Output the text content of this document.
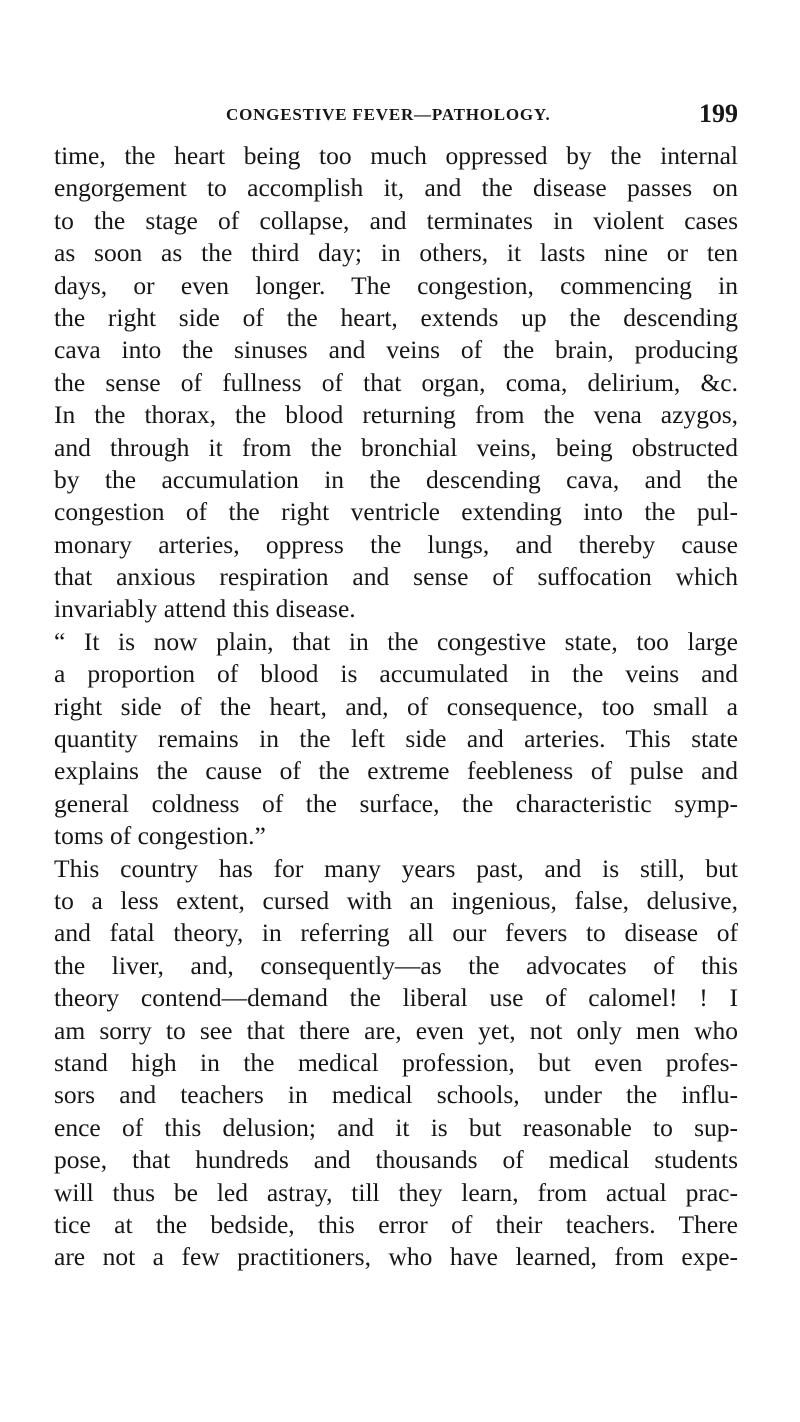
CONGESTIVE FEVER—PATHOLOGY.	199
time, the heart being too much oppressed by the internal
engorgement to accomplish it, and the disease passes on
to the stage of collapse, and terminates in violent cases
as soon as the third day; in others, it lasts nine or ten
days, or even longer. The congestion, commencing in
the right side of the heart, extends up the descending
cava into the sinuses and veins of the brain, producing
the sense of fullness of that organ, coma, delirium, &c.
In the thorax, the blood returning from the vena azygos,
and through it from the bronchial veins, being obstructed
by the accumulation in the descending cava, and the
congestion of the right ventricle extending into the pul-
monary arteries, oppress the lungs, and thereby cause
that anxious respiration and sense of suffocation which
invariably attend this disease.
“ It is now plain, that in the congestive state, too large
a proportion of blood is accumulated in the veins and
right side of the heart, and, of consequence, too small a
quantity remains in the left side and arteries. This state
explains the cause of the extreme feebleness of pulse and
general coldness of the surface, the characteristic symp-
toms of congestion.”
This country has for many years past, and is still, but
to a less extent, cursed with an ingenious, false, delusive,
and fatal theory, in referring all our fevers to disease of
the liver, and, consequently—as the advocates of this
theory contend—demand the liberal use of calomel! ! I
am sorry to see that there are, even yet, not only men who
stand high in the medical profession, but even profes-
sors and teachers in medical schools, under the influ-
ence of this delusion; and it is but reasonable to sup-
pose, that hundreds and thousands of medical students
will thus be led astray, till they learn, from actual prac-
tice at the bedside, this error of their teachers. There
are not a few practitioners, who have learned, from expe-
